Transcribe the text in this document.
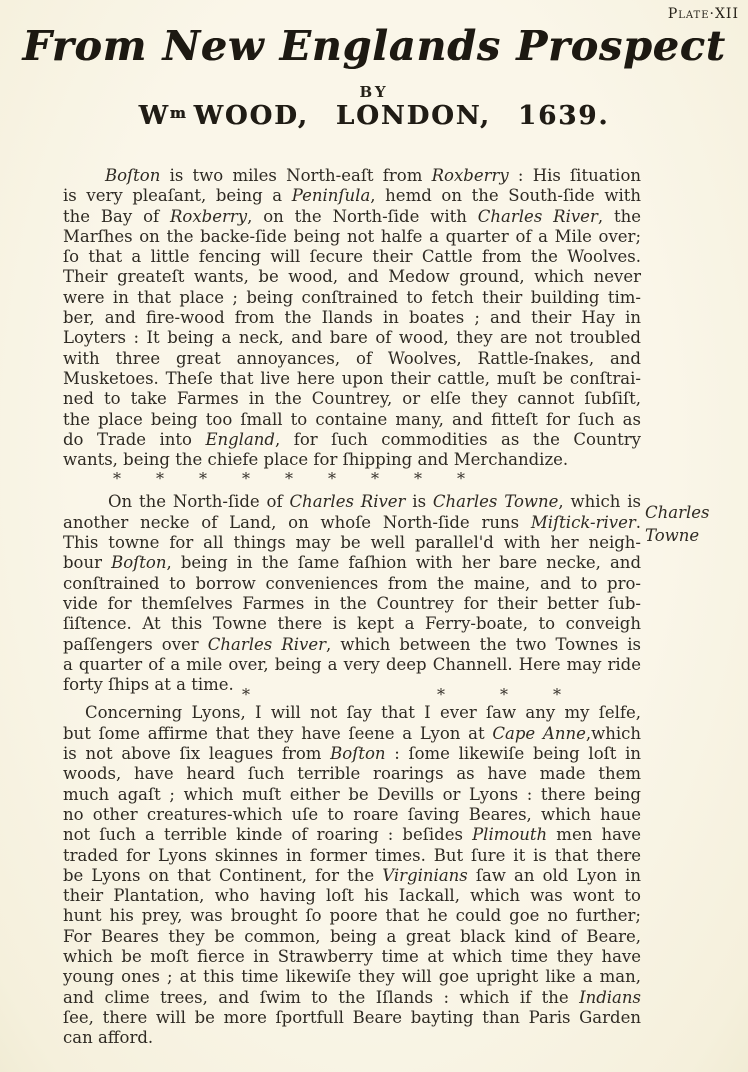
Plate·XII
From New Englands Prospect
BY
$W^m$ WOOD, LONDON, 1639.
Boſton is two miles North-eaſt from Roxberry : His ſituation
is very pleaſant, being a Peninſula, hemd on the South-ſide with
the Bay of Roxberry, on the North-ſide with Charles River, the
Marſhes on the backe-ſide being not halfe a quarter of a Mile over;
ſo that a little fencing will ſecure their Cattle from the Woolves.
Their greateſt wants, be wood, and Medow ground, which never
were in that place ; being conſtrained to fetch their building tim-
ber, and fire-wood from the Ilands in boates ; and their Hay in
Loyters : It being a neck, and bare of wood, they are not troubled
with three great annoyances, of Woolves, Rattle-ſnakes, and
Musketoes. Theſe that live here upon their cattle, muſt be conſtrai-
ned to take Farmes in the Countrey, or elſe they cannot ſubſiſt,
the place being too ſmall to containe many, and fitteſt for ſuch as
do Trade into England, for ſuch commodities as the Country
wants, being the chiefe place for ſhipping and Merchandize.
* * * * * * * * *
On the North-ſide of Charles River is Charles Towne, which is
another necke of Land, on whoſe North-ſide runs Miſtick-river.
This towne for all things may be well parallel'd with her neigh-
bour Boſton, being in the ſame faſhion with her bare necke, and
conſtrained to borrow conveniences from the maine, and to pro-
vide for themſelves Farmes in the Countrey for their better ſub-
ſiſtence. At this Towne there is kept a Ferry-boate, to conveigh
paſſengers over Charles River, which between the two Townes is
a quarter of a mile over, being a very deep Channell. Here may ride
forty ſhips at a time.
*	*	*	*
Concerning Lyons, I will not ſay that I ever ſaw any my ſelfe,
but ſome affirme that they have ſeene a Lyon at Cape Anne,which
is not above ſix leagues from Boſton : ſome likewiſe being loſt in
woods, have heard ſuch terrible roarings as have made them
much agaſt ; which muſt either be Devills or Lyons : there being
no other creatures-which uſe to roare ſaving Beares, which haue
not ſuch a terrible kinde of roaring : beſides Plimouth men have
traded for Lyons skinnes in former times. But ſure it is that there
be Lyons on that Continent, for the Virginians ſaw an old Lyon in
their Plantation, who having loſt his Iackall, which was wont to
hunt his prey, was brought ſo poore that he could goe no further;
For Beares they be common, being a great black kind of Beare,
which be moſt fierce in Strawberry time at which time they have
young ones ; at this time likewiſe they will goe upright like a man,
and clime trees, and ſwim to the Iſlands : which if the Indians
ſee, there will be more ſportfull Beare bayting than Paris Garden
can afford.
Charles
Towne
